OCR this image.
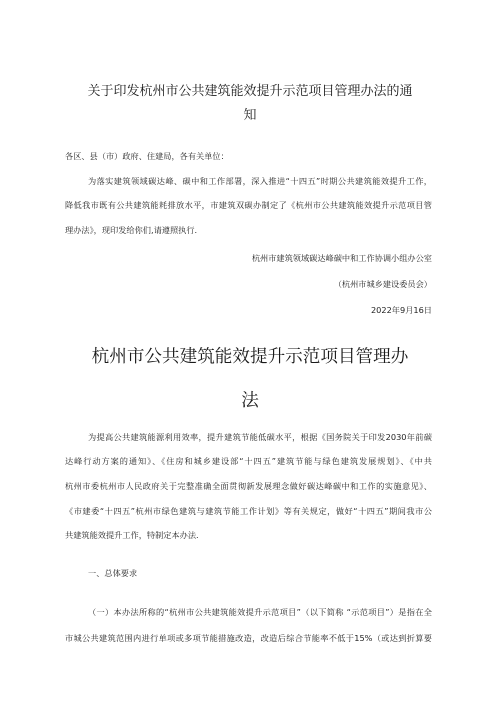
关于印发杭州市公共建筑能效提升示范项目管理办法的通
知
各区、县（市）政府、住建局，各有关单位：
为落实建筑领域碳达峰、碳中和工作部署，深入推进“十四五”时期公共建筑能效提升工作，
降低我市既有公共建筑能耗排放水平，市建筑双碳办制定了《杭州市公共建筑能效提升示范项目管
理办法》，现印发给你们,请遵照执行.
杭州市建筑领域碳达峰碳中和工作协调小组办公室
（杭州市城乡建设委员会）
2022年9月16日
杭州市公共建筑能效提升示范项目管理办
法
为提高公共建筑能源利用效率，提升建筑节能低碳水平，根据《国务院关于印发2030年前碳
达峰行动方案的通知》、《住房和城乡建设部“十四五”建筑节能与绿色建筑发展规划》、《中共
杭州市委杭州市人民政府关于完整准确全面贯彻新发展理念做好碳达峰碳中和工作的实施意见》、
《市建委“十四五”杭州市绿色建筑与建筑节能工作计划》等有关规定，做好“十四五”期间我市公
共建筑能效提升工作，特制定本办法.
一、总体要求
（一）本办法所称的“杭州市公共建筑能效提升示范项目”（以下简称 “示范项目”）是指在全
市城公共建筑范围内进行单项或多项节能措施改造，改造后综合节能率不低于15%（或达到折算要
